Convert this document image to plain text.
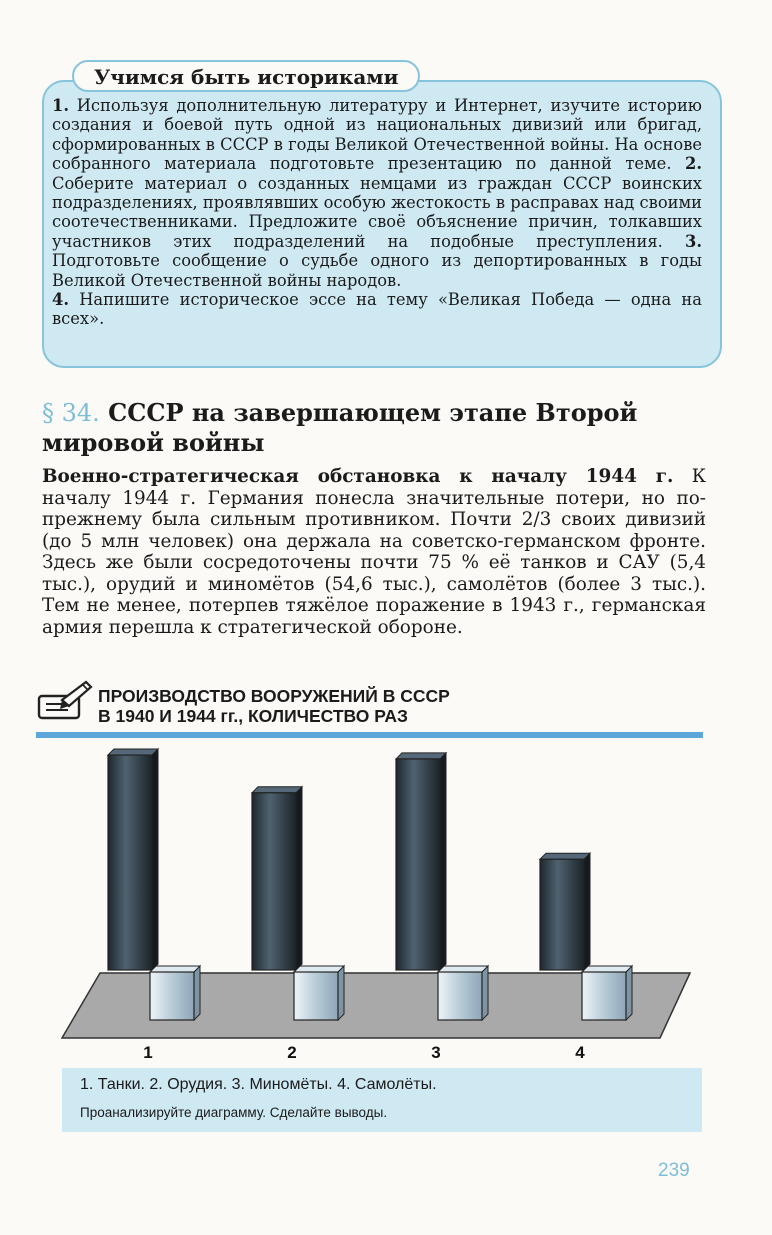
Учимся быть историками

1. Используя дополнительную литературу и Интернет, изучите историю создания и боевой путь одной из национальных дивизий или бригад, сформированных в СССР в годы Великой Отечественной войны. На основе собранного материала подготовьте презентацию по данной теме. 2. Соберите материал о созданных немцами из граждан СССР воинских подразделениях, проявлявших особую жестокость в расправах над своими соотечественниками. Предложите своё объяснение причин, толкавших участников этих подразделений на подобные преступления. 3. Подготовьте сообщение о судьбе одного из депортированных в годы Великой Отечественной войны народов.
4. Напишите историческое эссе на тему «Великая Победа — одна на всех».

§ 34. СССР на завершающем этапе Второй мировой войны

Военно-стратегическая обстановка к началу 1944 г. К началу 1944 г. Германия понесла значительные потери, но по-прежнему была сильным противником. Почти 2/3 своих дивизий (до 5 млн человек) она держала на советско-германском фронте. Здесь же были сосредоточены почти 75 % её танков и САУ (5,4 тыс.), орудий и миномётов (54,6 тыс.), самолётов (более 3 тыс.). Тем не менее, потерпев тяжёлое поражение в 1943 г., германская армия перешла к стратегической обороне.

ПРОИЗВОДСТВО ВООРУЖЕНИЙ В СССР
В 1940 И 1944 гг., КОЛИЧЕСТВО РАЗ
1	2	3	4

1. Танки. 2. Орудия. 3. Миномёты. 4. Самолёты.

Проанализируйте диаграмму. Сделайте выводы.

239
